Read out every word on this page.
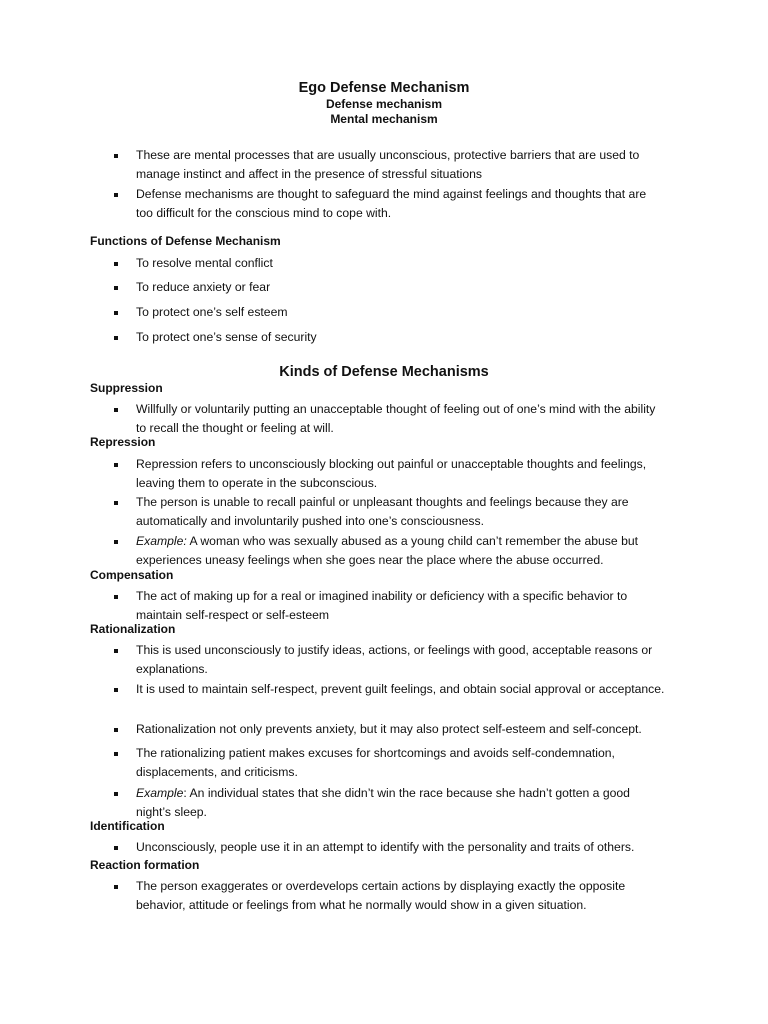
Ego Defense Mechanism

Defense mechanism

Mental mechanism

These are mental processes that are usually unconscious, protective barriers that are used to manage instinct and affect in the presence of stressful situations
Defense mechanisms are thought to safeguard the mind against feelings and thoughts that are too difficult for the conscious mind to cope with.
Functions of Defense Mechanism
To resolve mental conflict
To reduce anxiety or fear
To protect one’s self esteem
To protect one’s sense of security
Kinds of Defense Mechanisms
Suppression
Willfully or voluntarily putting an unacceptable thought of feeling out of one’s mind with the ability to recall the thought or feeling at will.
Repression
Repression refers to unconsciously blocking out painful or unacceptable thoughts and feelings, leaving them to operate in the subconscious.
The person is unable to recall painful or unpleasant thoughts and feelings because they are automatically and involuntarily pushed into one’s consciousness.
Example: A woman who was sexually abused as a young child can’t remember the abuse but experiences uneasy feelings when she goes near the place where the abuse occurred.
Compensation
The act of making up for a real or imagined inability or deficiency with a specific behavior to maintain self-respect or self-esteem
Rationalization
This is used unconsciously to justify ideas, actions, or feelings with good, acceptable reasons or explanations.
It is used to maintain self-respect, prevent guilt feelings, and obtain social approval or acceptance.
Rationalization not only prevents anxiety, but it may also protect self-esteem and self-concept.
The rationalizing patient makes excuses for shortcomings and avoids self-condemnation, displacements, and criticisms.
Example: An individual states that she didn’t win the race because she hadn’t gotten a good night’s sleep.
Identification
Unconsciously, people use it in an attempt to identify with the personality and traits of others.
Reaction formation
The person exaggerates or overdevelops certain actions by displaying exactly the opposite behavior, attitude or feelings from what he normally would show in a given situation.
